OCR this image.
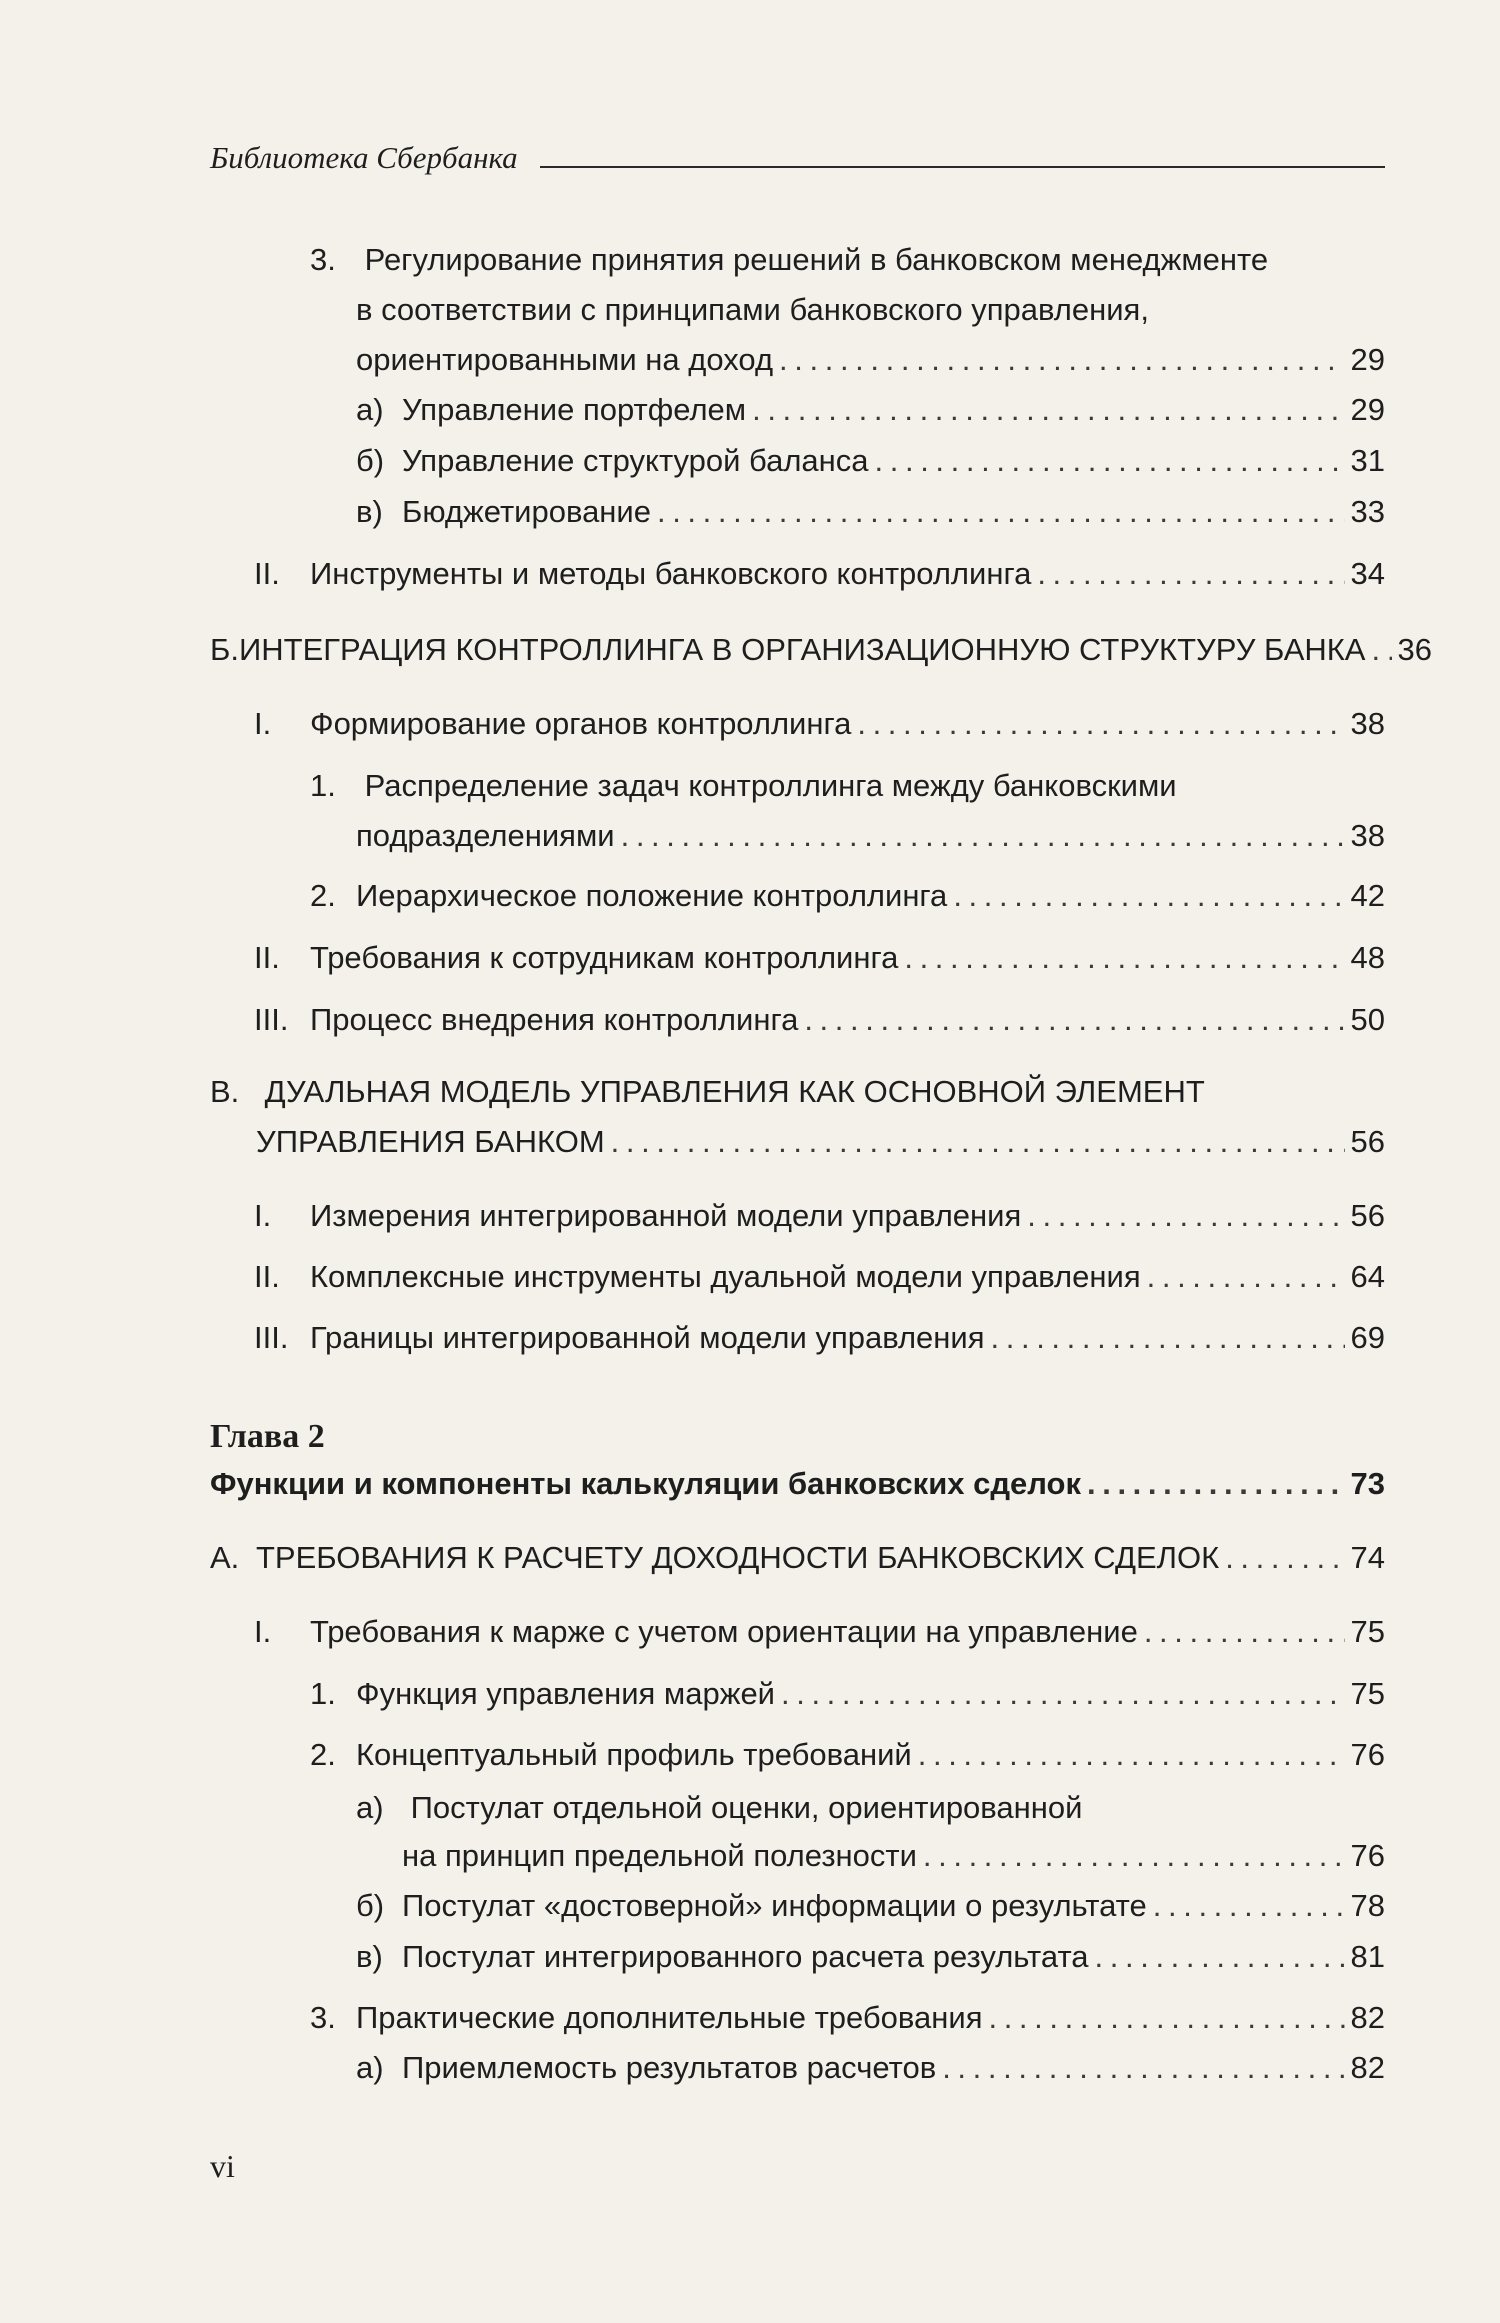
Библиотека Сбербанка
3. Регулирование принятия решений в банковском менеджменте
в соответствии с принципами банковского управления,
ориентированными на доход . . .	29
а) Управление портфелем . . .	29
б) Управление структурой баланса . . .	31
в) Бюджетирование . . .	33
II. Инструменты и методы банковского контроллинга . . .	34
Б. ИНТЕГРАЦИЯ КОНТРОЛЛИНГА В ОРГАНИЗАЦИОННУЮ СТРУКТУРУ БАНКА . . . 36
I.	Формирование органов контроллинга . . .	38
1. Распределение задач контроллинга между банковскими
подразделениями . . .	38
2. Иерархическое положение контроллинга . . .	42
II. Требования к сотрудникам контроллинга . . .	48
III. Процесс внедрения контроллинга . . .	50
В. ДУАЛЬНАЯ МОДЕЛЬ УПРАВЛЕНИЯ КАК ОСНОВНОЙ ЭЛЕМЕНТ
УПРАВЛЕНИЯ БАНКОМ . . .	56
I.	Измерения интегрированной модели управления . . .	56
II. Комплексные инструменты дуальной модели управления . . .	64
III. Границы интегрированной модели управления . . .	69
Глава 2
Функции и компоненты калькуляции банковских сделок . . .	73
А. ТРЕБОВАНИЯ К РАСЧЕТУ ДОХОДНОСТИ БАНКОВСКИХ СДЕЛОК . . .	74
I.	Требования к марже с учетом ориентации на управление . . .	75
1. Функция управления маржей . . .	75
2. Концептуальный профиль требований . . .	76
а) Постулат отдельной оценки, ориентированной
на принцип предельной полезности . . .	76
б) Постулат «достоверной» информации о результате . . .	78
в) Постулат интегрированного расчета результата . . .	81
3. Практические дополнительные требования . . .	82
а) Приемлемость результатов расчетов . . .	82
vi
